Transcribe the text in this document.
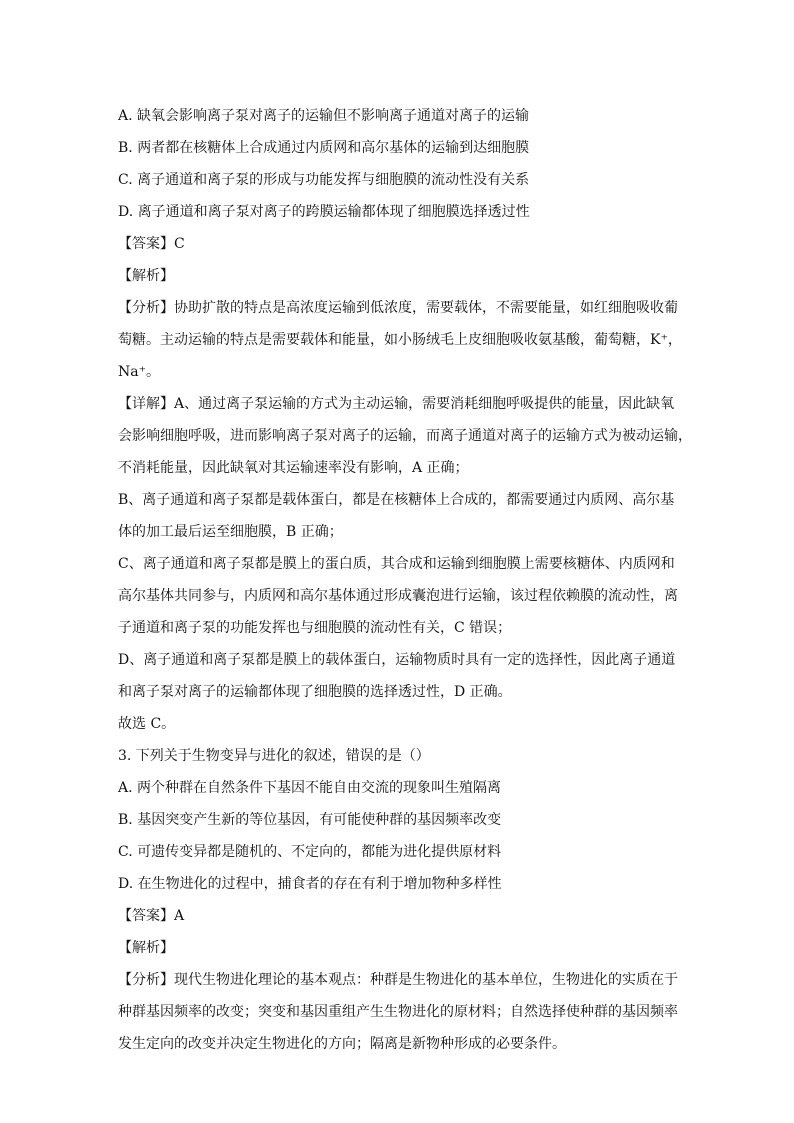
A. 缺氧会影响离子泵对离子的运输但不影响离子通道对离子的运输
B. 两者都在核糖体上合成通过内质网和高尔基体的运输到达细胞膜
C. 离子通道和离子泵的形成与功能发挥与细胞膜的流动性没有关系
D. 离子通道和离子泵对离子的跨膜运输都体现了细胞膜选择透过性
【答案】C
【解析】
【分析】协助扩散的特点是高浓度运输到低浓度，需要载体，不需要能量，如红细胞吸收葡
萄糖。主动运输的特点是需要载体和能量，如小肠绒毛上皮细胞吸收氨基酸，葡萄糖，K⁺，
Na⁺。
【详解】A、通过离子泵运输的方式为主动运输，需要消耗细胞呼吸提供的能量，因此缺氧
会影响细胞呼吸，进而影响离子泵对离子的运输，而离子通道对离子的运输方式为被动运输，
不消耗能量，因此缺氧对其运输速率没有影响，A 正确；
B、离子通道和离子泵都是载体蛋白，都是在核糖体上合成的，都需要通过内质网、高尔基
体的加工最后运至细胞膜，B 正确；
C、离子通道和离子泵都是膜上的蛋白质，其合成和运输到细胞膜上需要核糖体、内质网和
高尔基体共同参与，内质网和高尔基体通过形成囊泡进行运输，该过程依赖膜的流动性，离
子通道和离子泵的功能发挥也与细胞膜的流动性有关，C 错误；
D、离子通道和离子泵都是膜上的载体蛋白，运输物质时具有一定的选择性，因此离子通道
和离子泵对离子的运输都体现了细胞膜的选择透过性，D 正确。
故选 C。
3. 下列关于生物变异与进化的叙述，错误的是（）
A. 两个种群在自然条件下基因不能自由交流的现象叫生殖隔离
B. 基因突变产生新的等位基因，有可能使种群的基因频率改变
C. 可遗传变异都是随机的、不定向的，都能为进化提供原材料
D. 在生物进化的过程中，捕食者的存在有利于增加物种多样性
【答案】A
【解析】
【分析】现代生物进化理论的基本观点：种群是生物进化的基本单位，生物进化的实质在于
种群基因频率的改变；突变和基因重组产生生物进化的原材料；自然选择使种群的基因频率
发生定向的改变并决定生物进化的方向；隔离是新物种形成的必要条件。
